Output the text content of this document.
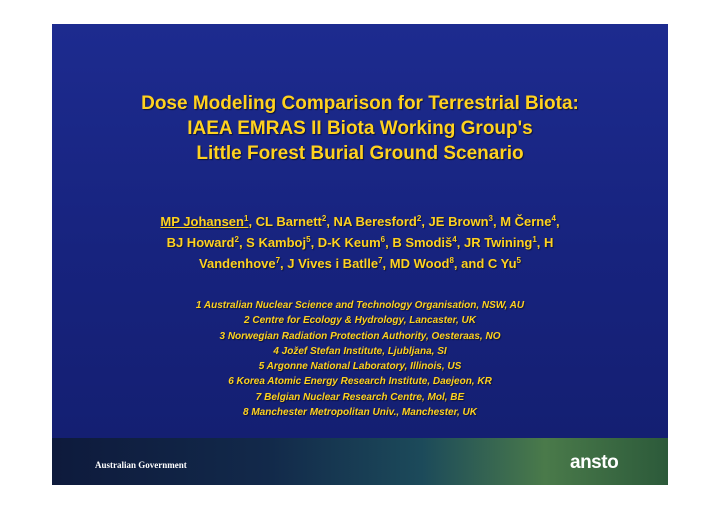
Dose Modeling Comparison for Terrestrial Biota:
IAEA EMRAS II Biota Working Group's
Little Forest Burial Ground Scenario
MP Johansen$^1$, CL Barnett$^2$, NA Beresford$^2$, JE Brown$^3$, M Černe$^4$,
BJ Howard$^2$, S Kamboj$^5$, D-K Keum$^6$, B Smodiš$^4$, JR Twining$^1$, H
Vandenhove$^7$, J Vives i Batlle$^7$, MD Wood$^8$, and C Yu$^5$
1 Australian Nuclear Science and Technology Organisation, NSW, AU
2 Centre for Ecology & Hydrology, Lancaster, UK
3 Norwegian Radiation Protection Authority, Oesteraas, NO
4 Jožef Stefan Institute, Ljubljana, SI
5 Argonne National Laboratory, Illinois, US
6 Korea Atomic Energy Research Institute, Daejeon, KR
7 Belgian Nuclear Research Centre, Mol, BE
8 Manchester Metropolitan Univ., Manchester, UK
Australian Government	ansto
